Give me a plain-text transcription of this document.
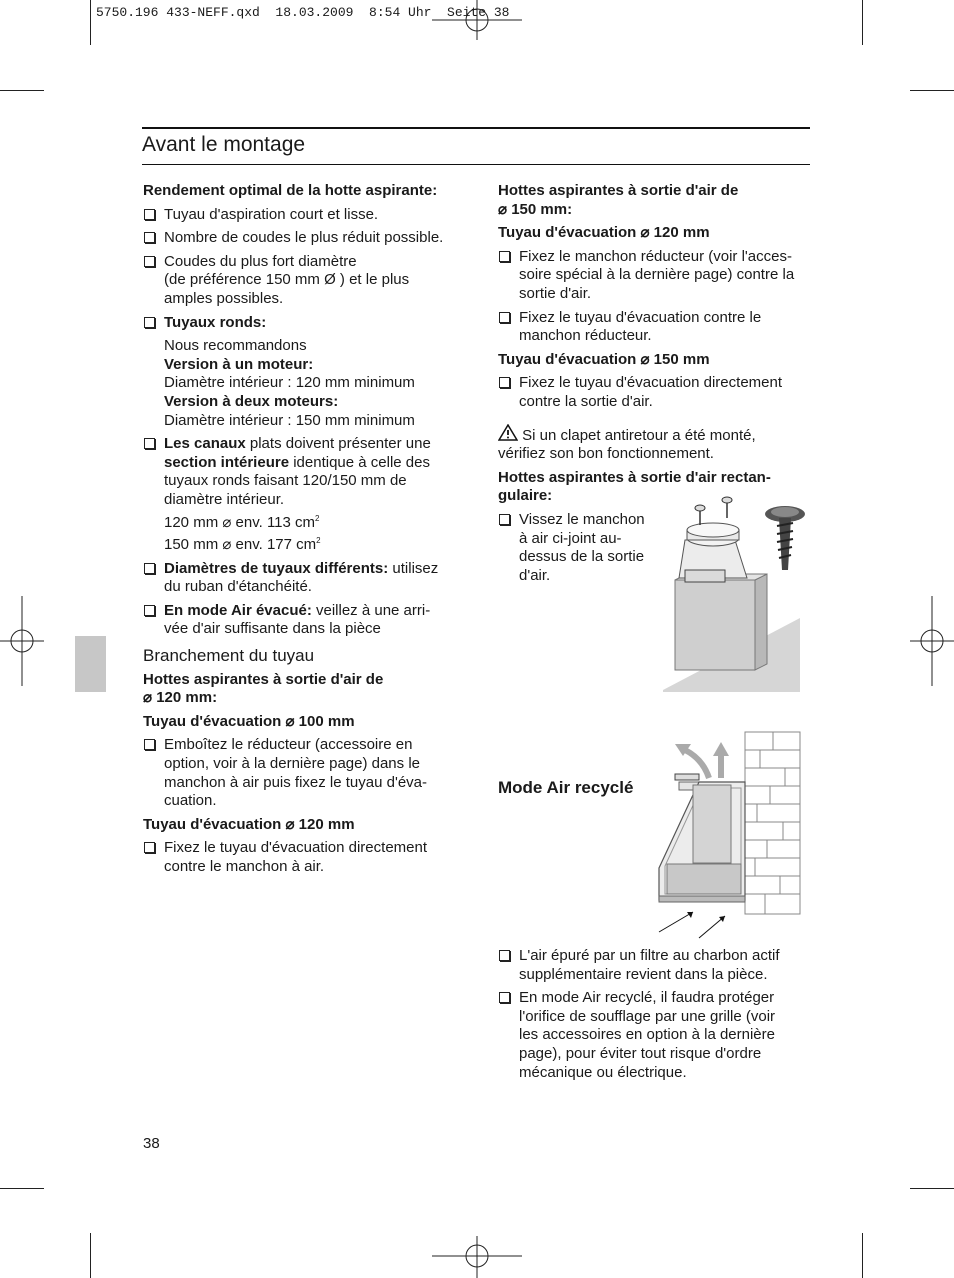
5750.196 433-NEFF.qxd  18.03.2009  8:54 Uhr  Seite 38
Avant le montage

Rendement optimal de la hotte aspirante:

Tuyau d'aspiration court et lisse.

Nombre de coudes le plus réduit possible.

Coudes du plus fort diamètre
(de préférence 150 mm Ø ) et le plus
amples possibles.

Tuyaux ronds:

Nous recommandons
Version à un moteur:
Diamètre intérieur : 120 mm minimum
Version à deux moteurs:
Diamètre intérieur : 150 mm minimum

Les canaux plats doivent présenter une
section intérieure identique à celle des
tuyaux ronds faisant 120/150 mm de
diamètre intérieur.
120 mm ⌀ env. 113 $cm^2$
150 mm ⌀ env. 177 $cm^2$

Diamètres de tuyaux différents: utilisez
du ruban d'étanchéité.

En mode Air évacué: veillez à une arri-
vée d'air suffisante dans la pièce

Branchement du tuyau

Hottes aspirantes à sortie d'air de
⌀ 120 mm:

Tuyau d'évacuation ⌀ 100 mm

Emboîtez le réducteur (accessoire en
option, voir à la dernière page) dans le
manchon à air puis fixez le tuyau d'éva-
cuation.

Tuyau d'évacuation ⌀ 120 mm

Fixez le tuyau d'évacuation directement
contre le manchon à air.

Hottes aspirantes à sortie d'air de
⌀ 150 mm:

Tuyau d'évacuation ⌀ 120 mm

Fixez le manchon réducteur (voir l'acces-
soire spécial à la dernière page) contre la
sortie d'air.

Fixez le tuyau d'évacuation contre le
manchon réducteur.

Tuyau d'évacuation ⌀ 150 mm

Fixez le tuyau d'évacuation directement
contre la sortie d'air.

Si un clapet antiretour a été monté,
vérifiez son bon fonctionnement.

Hottes aspirantes à sortie d'air rectan-
gulaire:

Vissez le manchon
à air ci-joint au-
dessus de la sortie
d'air.

Mode Air recyclé

L'air épuré par un filtre au charbon actif
supplémentaire revient dans la pièce.

En mode Air recyclé, il faudra protéger
l'orifice de soufflage par une grille (voir
les accessoires en option à la dernière
page), pour éviter tout risque d'ordre
mécanique ou électrique.

38
